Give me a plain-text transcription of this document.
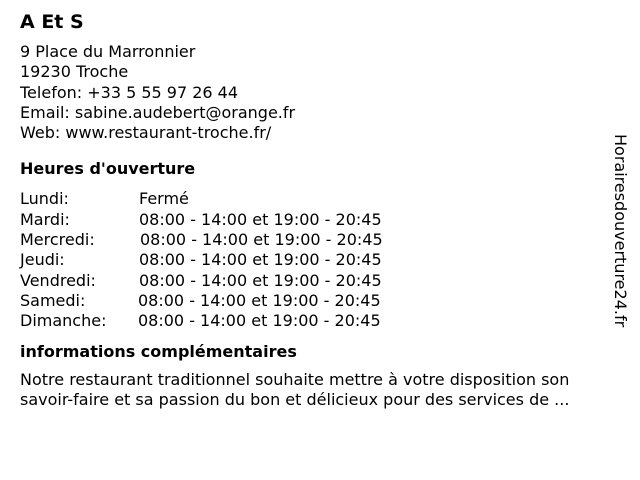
A Et S
9 Place du Marronnier
19230 Troche
Telefon: +33 5 55 97 26 44
Email: sabine.audebert@orange.fr
Web: www.restaurant-troche.fr/
Heures d'ouverture
Lundi:	Fermé
Mardi:	08:00 - 14:00 et 19:00 - 20:45
Mercredi:	08:00 - 14:00 et 19:00 - 20:45
Jeudi:	08:00 - 14:00 et 19:00 - 20:45
Vendredi:	08:00 - 14:00 et 19:00 - 20:45
Samedi:	08:00 - 14:00 et 19:00 - 20:45
Dimanche: 08:00 - 14:00 et 19:00 - 20:45
informations complémentaires
Notre restaurant traditionnel souhaite mettre à votre disposition son savoir-faire et sa passion du bon et délicieux pour des services de ...
Horairesdouverture24.fr
